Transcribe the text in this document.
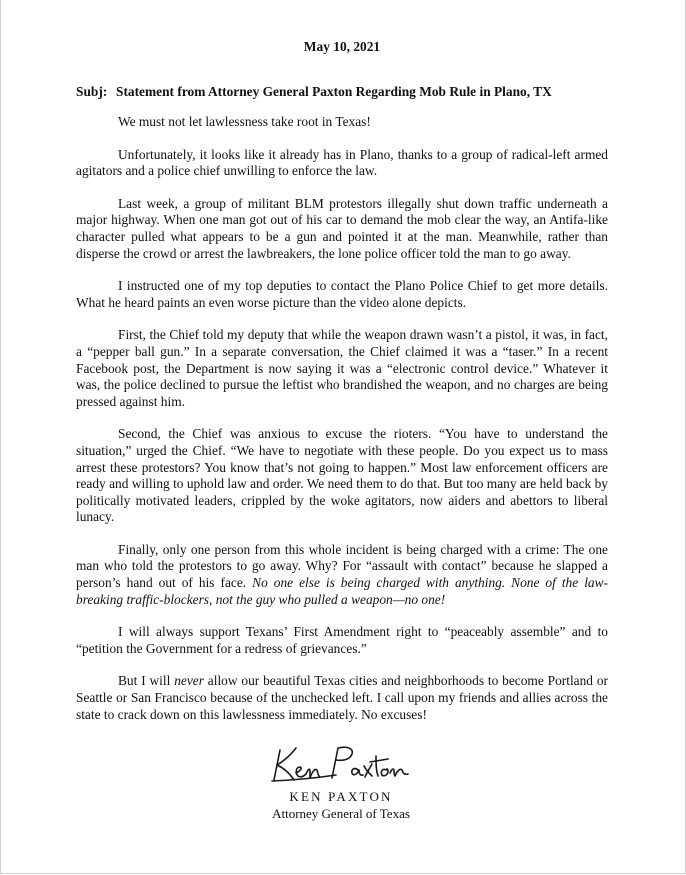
May 10, 2021
Subj: Statement from Attorney General Paxton Regarding Mob Rule in Plano, TX

We must not let lawlessness take root in Texas!

Unfortunately, it looks like it already has in Plano, thanks to a group of radical-left armed agitators and a police chief unwilling to enforce the law.

Last week, a group of militant BLM protestors illegally shut down traffic underneath a major highway. When one man got out of his car to demand the mob clear the way, an Antifa-like character pulled what appears to be a gun and pointed it at the man. Meanwhile, rather than disperse the crowd or arrest the lawbreakers, the lone police officer told the man to go away.

I instructed one of my top deputies to contact the Plano Police Chief to get more details. What he heard paints an even worse picture than the video alone depicts.

First, the Chief told my deputy that while the weapon drawn wasn’t a pistol, it was, in fact, a “pepper ball gun.” In a separate conversation, the Chief claimed it was a “taser.” In a recent Facebook post, the Department is now saying it was a “electronic control device.” Whatever it was, the police declined to pursue the leftist who brandished the weapon, and no charges are being pressed against him.

Second, the Chief was anxious to excuse the rioters. “You have to understand the situation,” urged the Chief. “We have to negotiate with these people. Do you expect us to mass arrest these protestors? You know that’s not going to happen.” Most law enforcement officers are ready and willing to uphold law and order. We need them to do that. But too many are held back by politically motivated leaders, crippled by the woke agitators, now aiders and abettors to liberal lunacy.

Finally, only one person from this whole incident is being charged with a crime: The one man who told the protestors to go away. Why? For “assault with contact” because he slapped a person’s hand out of his face. No one else is being charged with anything. None of the law-breaking traffic-blockers, not the guy who pulled a weapon—no one!

I will always support Texans’ First Amendment right to “peaceably assemble” and to “petition the Government for a redress of grievances.”

But I will never allow our beautiful Texas cities and neighborhoods to become Portland or Seattle or San Francisco because of the unchecked left. I call upon my friends and allies across the state to crack down on this lawlessness immediately. No excuses!

KEN PAXTON
Attorney General of Texas
